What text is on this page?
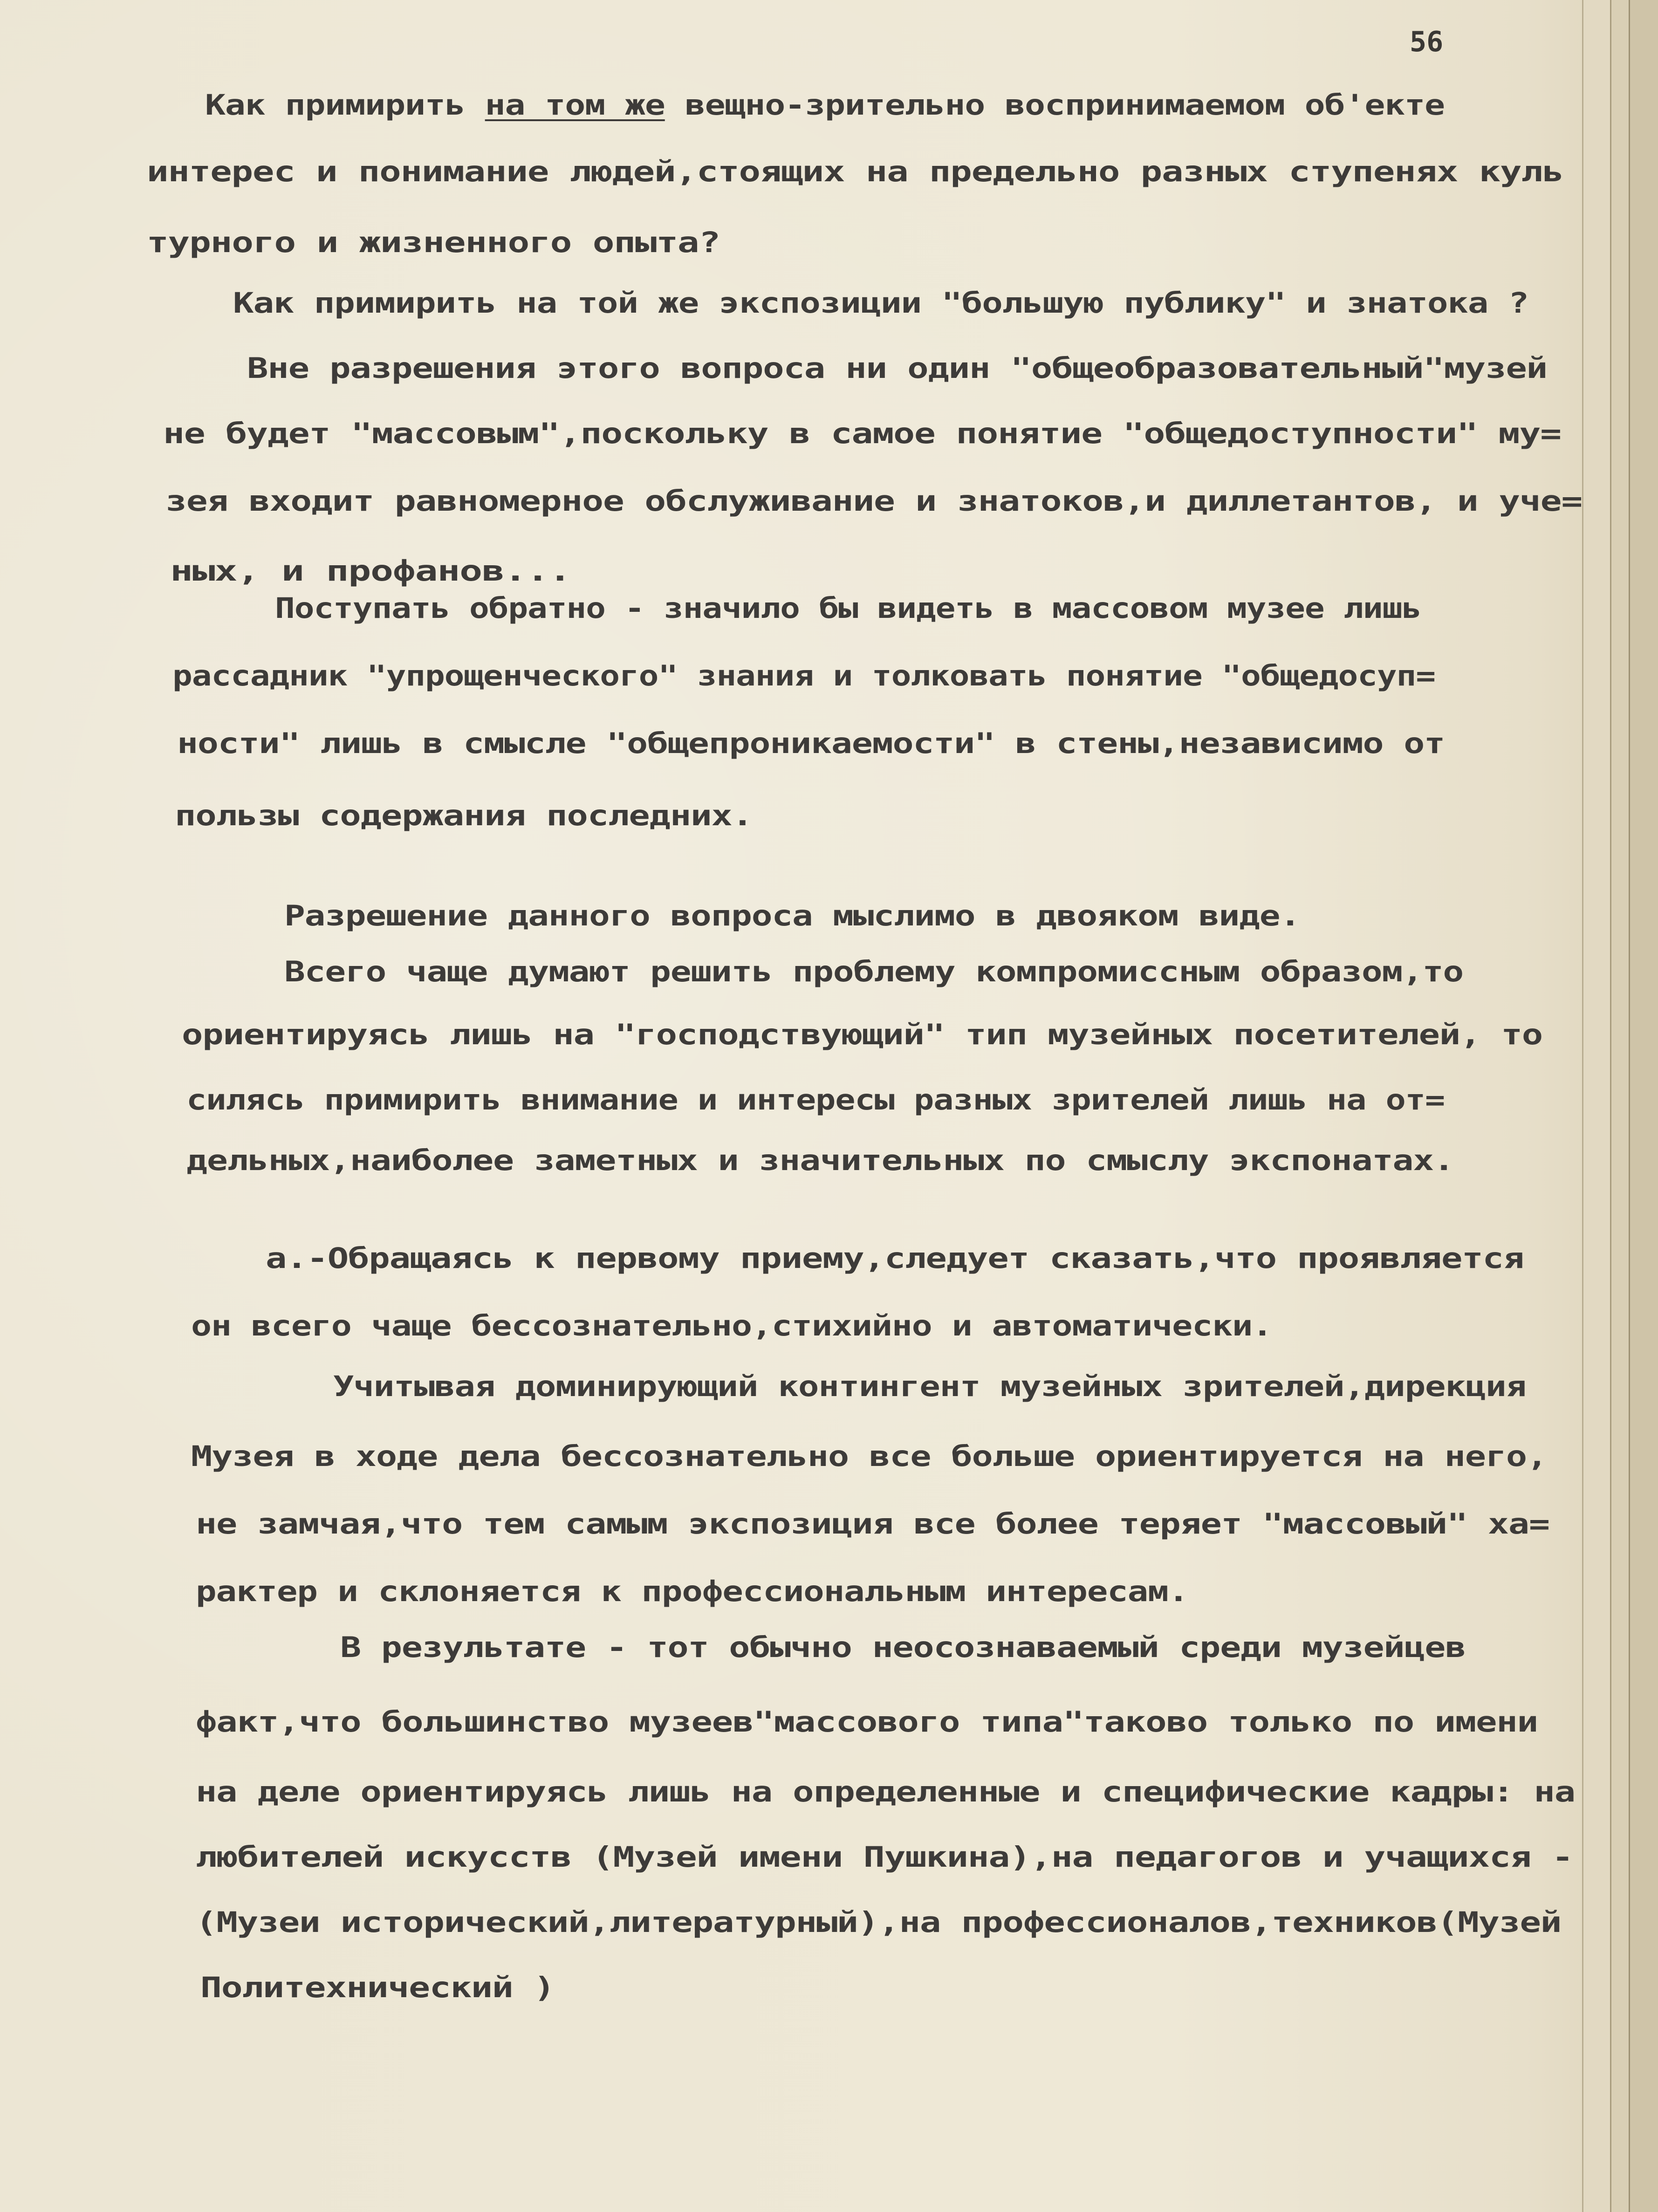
56
Как примирить на том же вещно-зрительно воспринимаемом об'екте
интерес и понимание людей,стоящих на предельно разных ступенях куль
турного и жизненного опыта?
Как примирить на той же экспозиции "большую публику" и знатока ?
Вне разрешения этого вопроса ни один "общеобразовательный"музей
не будет "массовым",поскольку в самое понятие "общедоступности" му=
зея входит равномерное обслуживание и знатоков,и диллетантов, и уче=
ных, и профанов...
Поступать обратно - значило бы видеть в массовом музее лишь
рассадник "упрощенческого" знания и толковать понятие "общедосуп=
ности" лишь в смысле "общепроникаемости" в стены,независимо от
пользы содержания последних.
Разрешение данного вопроса мыслимо в двояком виде.
Всего чаще думают решить проблему компромиссным образом,то
ориентируясь лишь на "господствующий" тип музейных посетителей, то
силясь примирить внимание и интересы разных зрителей лишь на от=
дельных,наиболее заметных и значительных по смыслу экспонатах.
а.-Обращаясь к первому приему,следует сказать,что проявляется
он всего чаще бессознательно,стихийно и автоматически.
Учитывая доминирующий контингент музейных зрителей,дирекция
Музея в ходе дела бессознательно все больше ориентируется на него,
не замчая,что тем самым экспозиция все более теряет "массовый" ха=
рактер и склоняется к профессиональным интересам.
В результате - тот обычно неосознаваемый среди музейцев
факт,что большинство музеев"массового типа"таково только по имени
на деле ориентируясь лишь на определенные и специфические кадры: на
любителей искусств (Музей имени Пушкина),на педагогов и учащихся -
(Музеи исторический,литературный),на профессионалов,техников(Музей
Политехнический )
